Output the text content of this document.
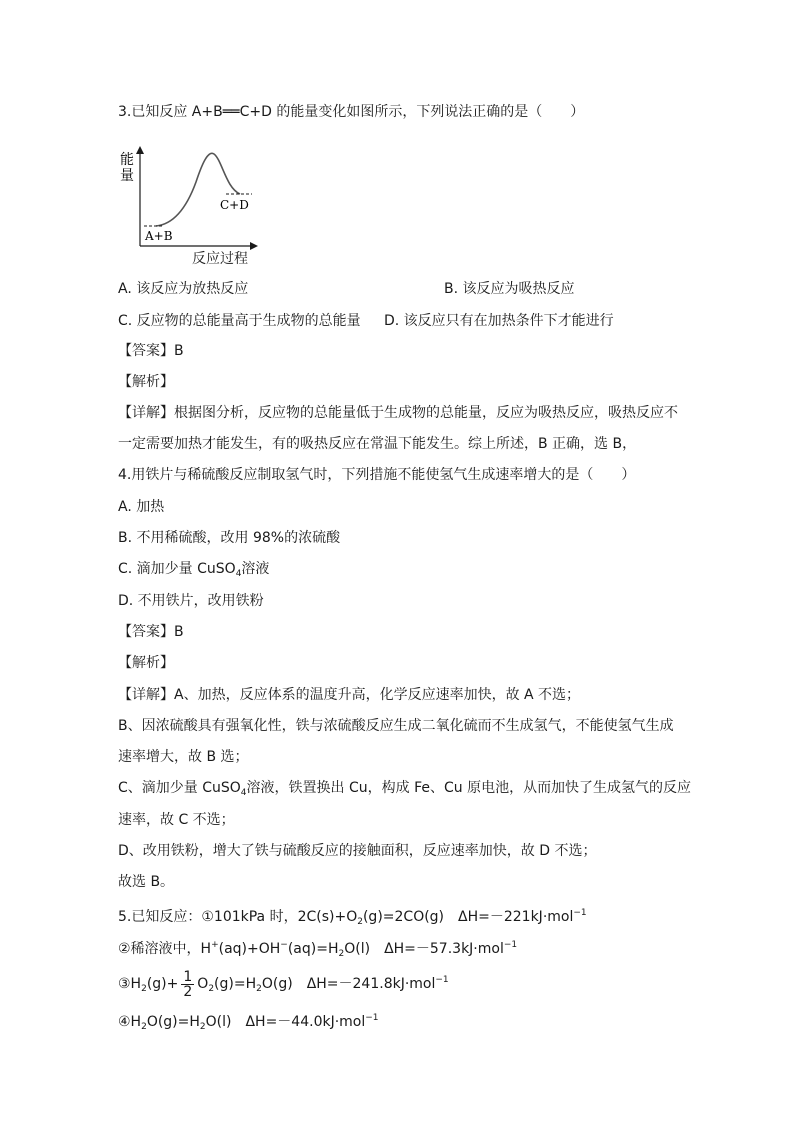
3.已知反应 A+B══C+D 的能量变化如图所示，下列说法正确的是（　　）
能
量
C+D
A+B
反应过程
A. 该反应为放热反应	B. 该反应为吸热反应
C. 反应物的总能量高于生成物的总能量 D. 该反应只有在加热条件下才能进行
【答案】B
【解析】
【详解】根据图分析，反应物的总能量低于生成物的总能量，反应为吸热反应，吸热反应不
一定需要加热才能发生，有的吸热反应在常温下能发生。综上所述，B 正确，选 B，
4.用铁片与稀硫酸反应制取氢气时，下列措施不能使氢气生成速率增大的是（　　）
A. 加热
B. 不用稀硫酸，改用 98%的浓硫酸
C. 滴加少量 CuSO$_4$溶液
D. 不用铁片，改用铁粉
【答案】B
【解析】
【详解】A、加热，反应体系的温度升高，化学反应速率加快，故 A 不选；
B、因浓硫酸具有强氧化性，铁与浓硫酸反应生成二氧化硫而不生成氢气，不能使氢气生成
速率增大，故 B 选；
C、滴加少量 CuSO$_4$溶液，铁置换出 Cu，构成 Fe、Cu 原电池，从而加快了生成氢气的反应
速率，故 C 不选；
D、改用铁粉，增大了铁与硫酸反应的接触面积，反应速率加快，故 D 不选；
故选 B。
5.已知反应：①101kPa 时，$2C(s)+O_2(g)=2CO(g)$　ΔH=－221kJ·mol$^{-1}$
②稀溶液中，$H^+(aq)+OH^-(aq)=H_2O(l)$　ΔH=－57.3kJ·mol$^{-1}$
$③H_2(g)+ \frac{1}{2} O_2(g)=H_2O(g)$　ΔH=－241.8kJ·mol$^{-1}$
$④H_2O(g)=H_2O(l)$　ΔH=－44.0kJ·mol$^{-1}$
